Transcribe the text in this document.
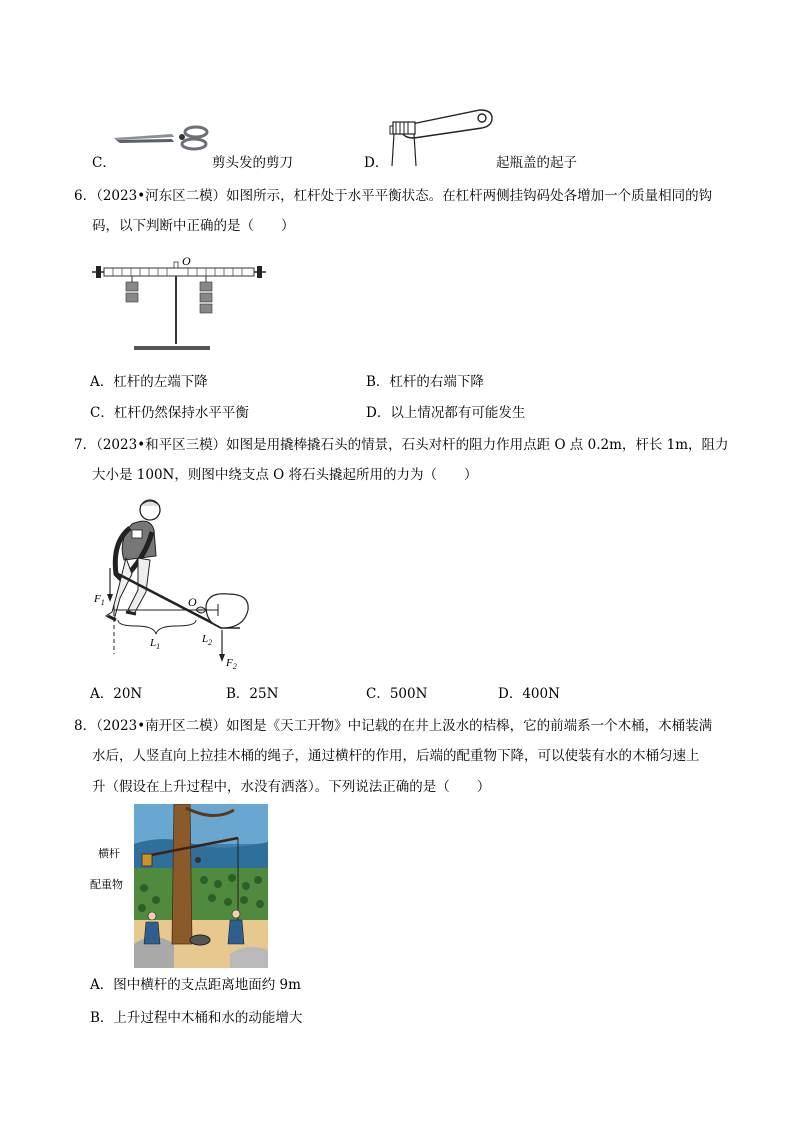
C．	剪头发的剪刀	D．	起瓶盖的起子
6．（2023•河东区二模）如图所示，杠杆处于水平平衡状态。在杠杆两侧挂钩码处各增加一个质量相同的钩
码，以下判断中正确的是（　　）
O
A．杠杆的左端下降	B．杠杆的右端下降
C．杠杆仍然保持水平平衡	D．以上情况都有可能发生
7．（2023•和平区三模）如图是用撬棒撬石头的情景，石头对杆的阻力作用点距 O 点 0.2m，杆长 1m，阻力
大小是 100N，则图中绕支点 O 将石头撬起所用的力为（　　）
$F_1$
$L_1$
O
$L_2$
$F_2$
A．20N	B．25N	C．500N	D．400N
8．（2023•南开区二模）如图是《天工开物》中记载的在井上汲水的桔槔，它的前端系一个木桶，木桶装满
水后，人竖直向上拉挂木桶的绳子，通过横杆的作用，后端的配重物下降，可以使装有水的木桶匀速上
升（假设在上升过程中，水没有洒落）。下列说法正确的是（　　）
横杆
配重物
A．图中横杆的支点距离地面约 9m
B．上升过程中木桶和水的动能增大
